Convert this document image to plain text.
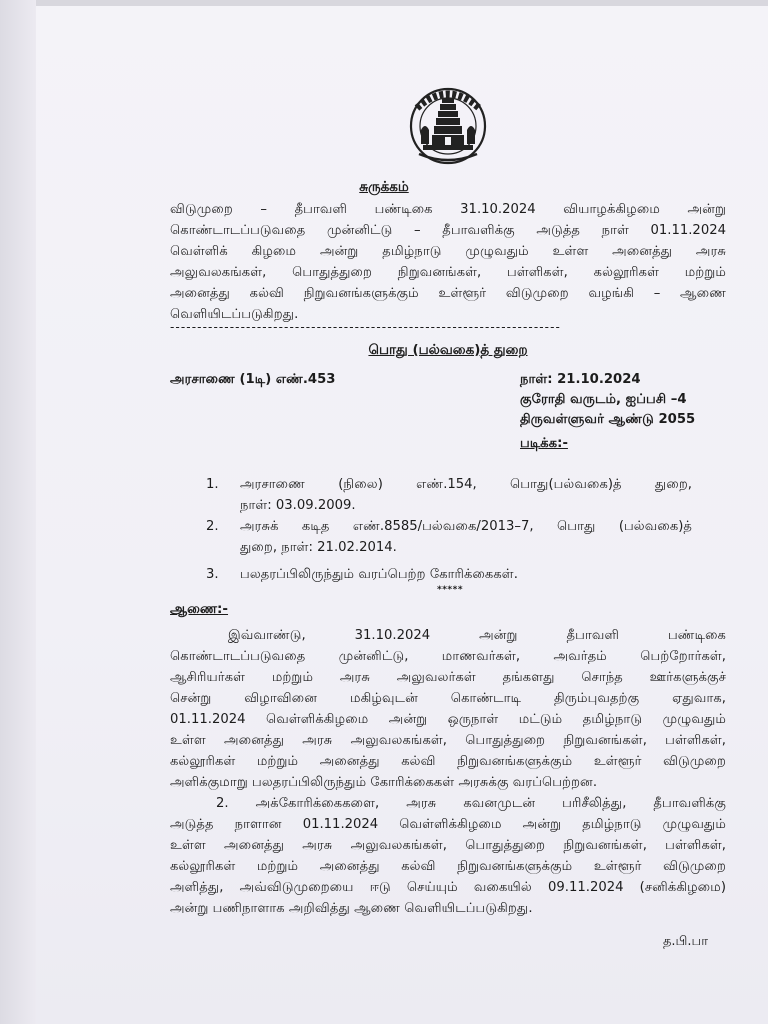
சுருக்கம்
விடுமுறை – தீபாவளி பண்டிகை 31.10.2024 வியாழக்கிழமை அன்று
கொண்டாடப்படுவதை முன்னிட்டு – தீபாவளிக்கு அடுத்த நாள் 01.11.2024
வெள்ளிக் கிழமை அன்று தமிழ்நாடு முழுவதும் உள்ள அனைத்து அரசு
அலுவலகங்கள், பொதுத்துறை நிறுவனங்கள், பள்ளிகள், கல்லூரிகள் மற்றும்
அனைத்து கல்வி நிறுவனங்களுக்கும் உள்ளூர் விடுமுறை வழங்கி – ஆணை
வெளியிடப்படுகிறது.
------------------------------------------------------------------------
பொது (பல்வகை)த் துறை
அரசாணை (1டி) எண்.453	நாள்: 21.10.2024
குரோதி வருடம், ஐப்பசி –4
திருவள்ளுவர் ஆண்டு 2055
படிக்க:-
1. அரசாணை (நிலை) எண்.154, பொது(பல்வகை)த் துறை,
நாள்: 03.09.2009.
2. அரசுக் கடித எண்.8585/பல்வகை/2013–7, பொது (பல்வகை)த்
துறை, நாள்: 21.02.2014.
3. பலதரப்பிலிருந்தும் வரப்பெற்ற கோரிக்கைகள்.
*****
ஆணை:-
இவ்வாண்டு, 31.10.2024 அன்று தீபாவளி பண்டிகை
கொண்டாடப்படுவதை முன்னிட்டு, மாணவர்கள், அவர்தம் பெற்றோர்கள்,
ஆசிரியர்கள் மற்றும் அரசு அலுவலர்கள் தங்களது சொந்த ஊர்களுக்குச்
சென்று விழாவினை மகிழ்வுடன் கொண்டாடி திரும்புவதற்கு ஏதுவாக,
01.11.2024 வெள்ளிக்கிழமை அன்று ஒருநாள் மட்டும் தமிழ்நாடு முழுவதும்
உள்ள அனைத்து அரசு அலுவலகங்கள், பொதுத்துறை நிறுவனங்கள், பள்ளிகள்,
கல்லூரிகள் மற்றும் அனைத்து கல்வி நிறுவனங்களுக்கும் உள்ளூர் விடுமுறை
அளிக்குமாறு பலதரப்பிலிருந்தும் கோரிக்கைகள் அரசுக்கு வரப்பெற்றன.
2. அக்கோரிக்கைகளை, அரசு கவனமுடன் பரிசீலித்து, தீபாவளிக்கு
அடுத்த நாளான 01.11.2024 வெள்ளிக்கிழமை அன்று தமிழ்நாடு முழுவதும்
உள்ள அனைத்து அரசு அலுவலகங்கள், பொதுத்துறை நிறுவனங்கள், பள்ளிகள்,
கல்லூரிகள் மற்றும் அனைத்து கல்வி நிறுவனங்களுக்கும் உள்ளூர் விடுமுறை
அளித்து, அவ்விடுமுறையை ஈடு செய்யும் வகையில் 09.11.2024 (சனிக்கிழமை)
அன்று பணிநாளாக அறிவித்து ஆணை வெளியிடப்படுகிறது.
த.பி.பா
